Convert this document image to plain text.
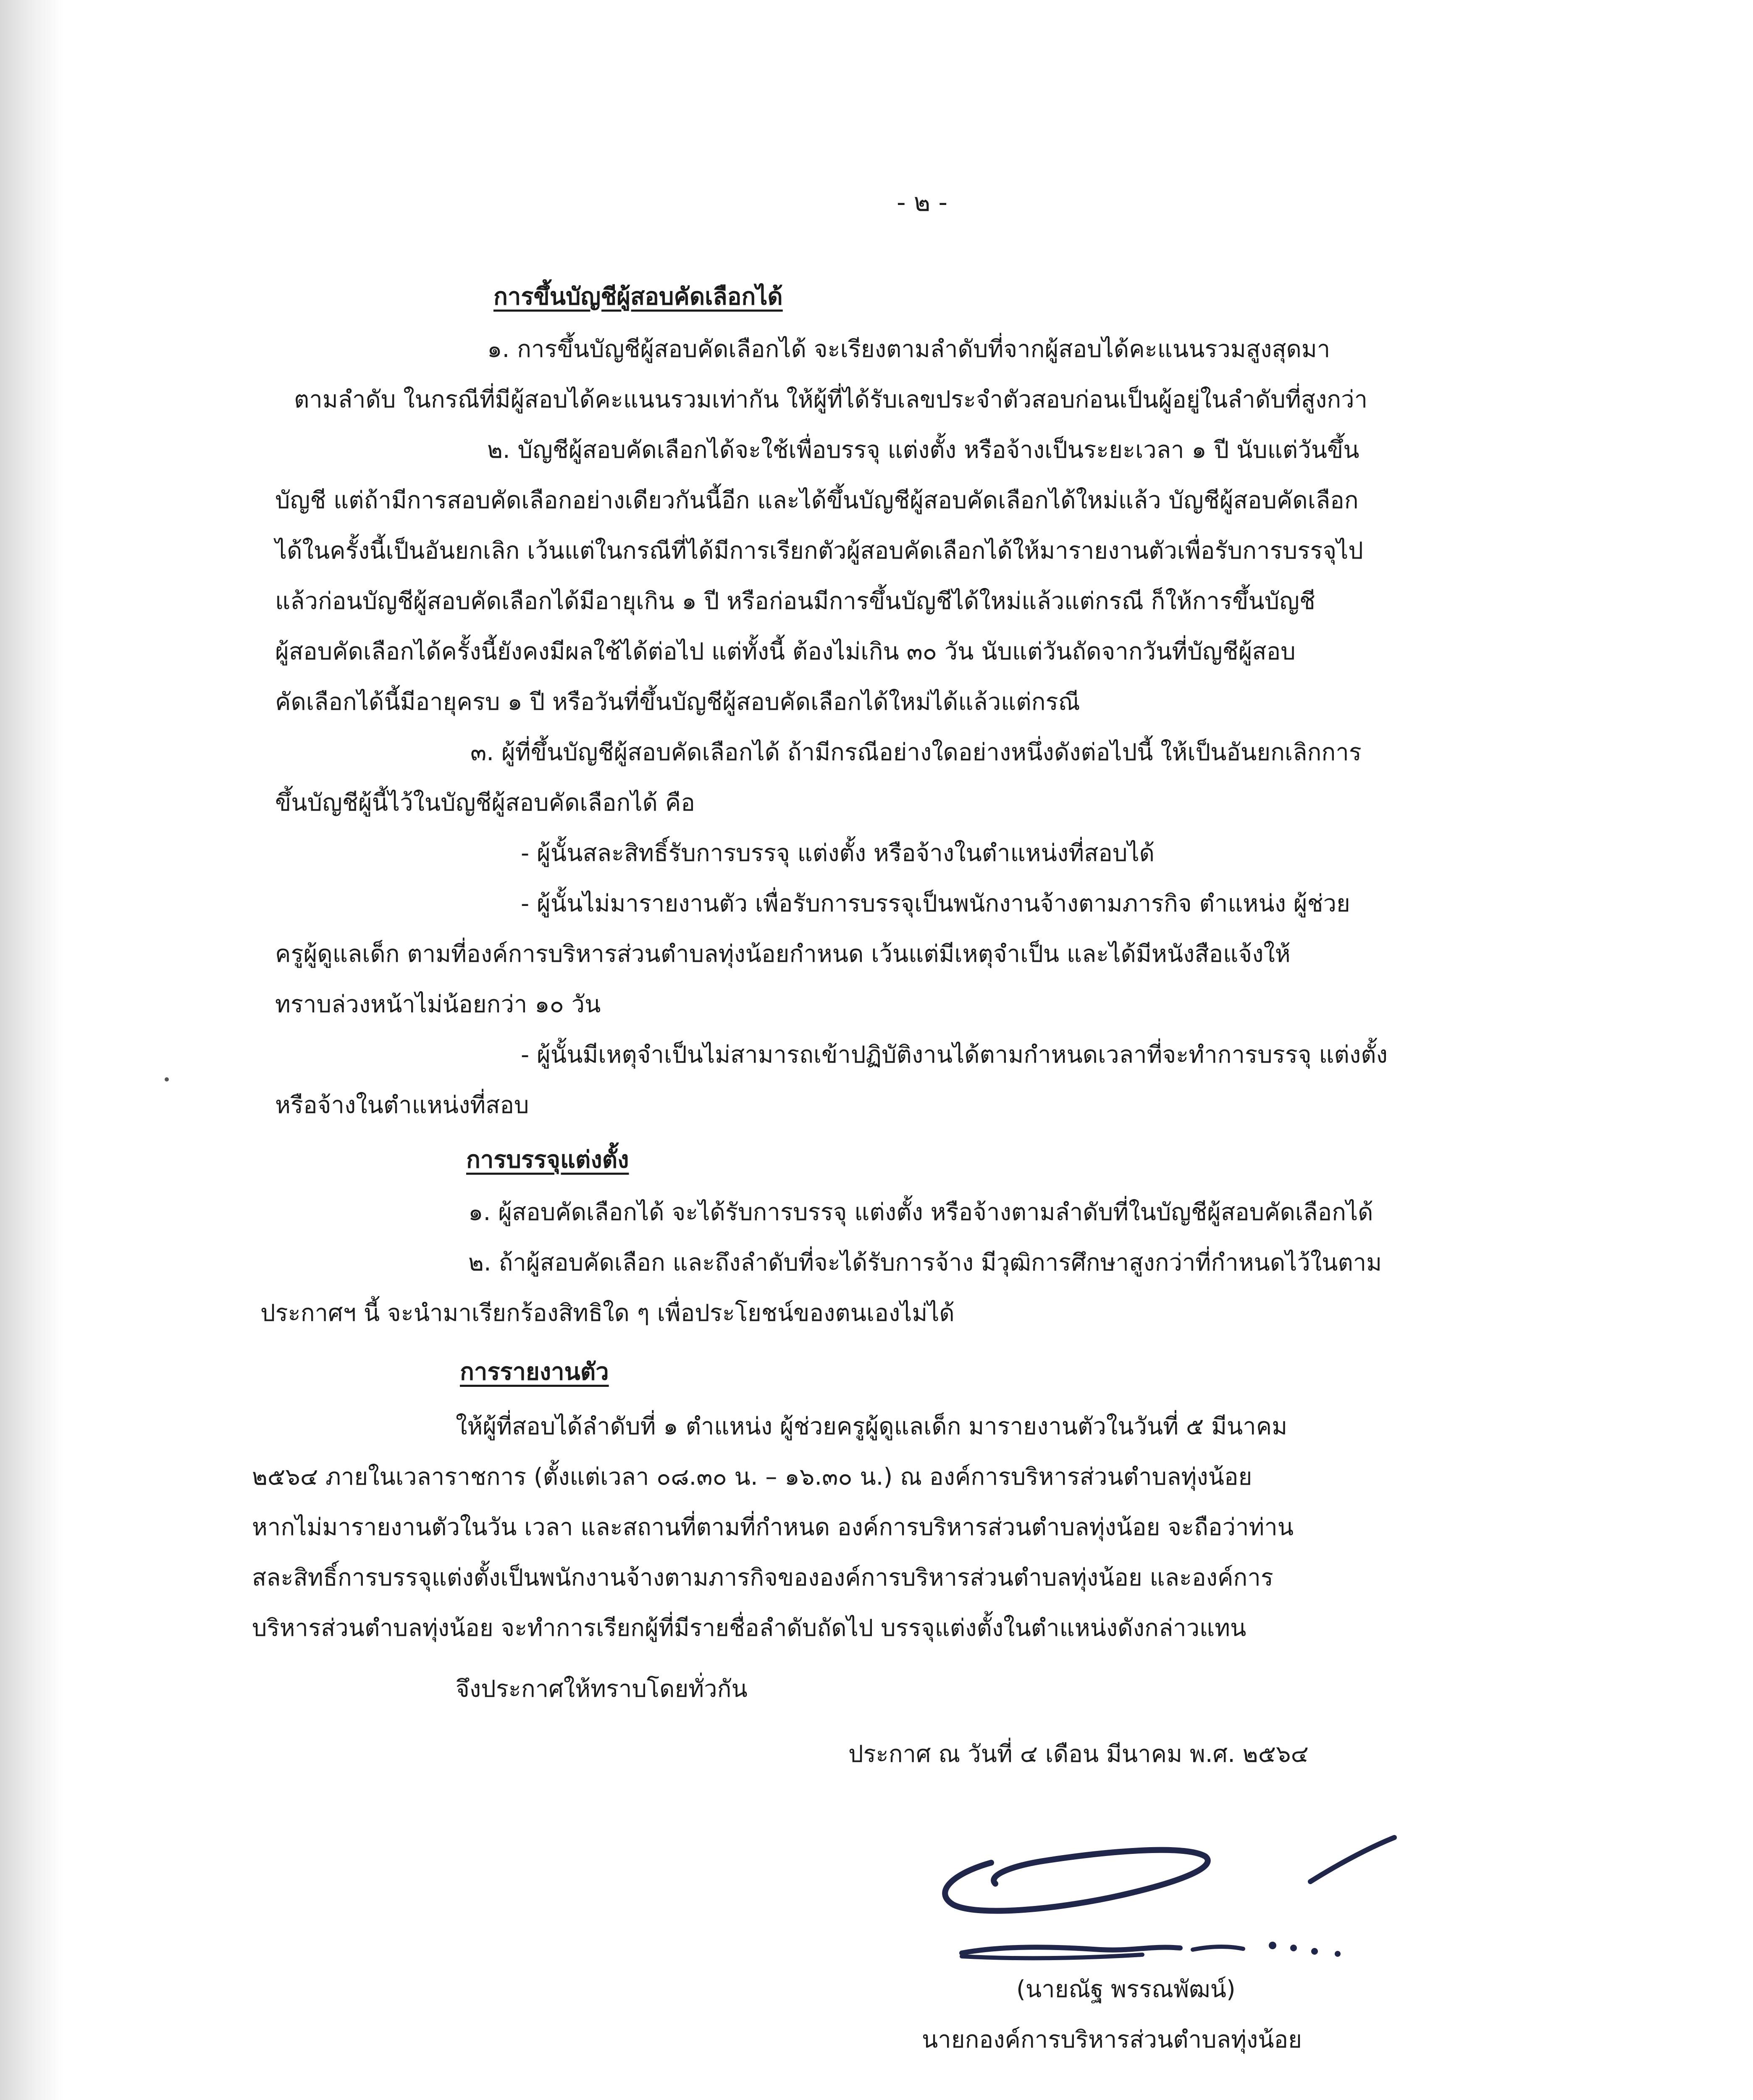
- ๒ -
การขึ้นบัญชีผู้สอบคัดเลือกได้
๑. การขึ้นบัญชีผู้สอบคัดเลือกได้ จะเรียงตามลำดับที่จากผู้สอบได้คะแนนรวมสูงสุดมา
ตามลำดับ ในกรณีที่มีผู้สอบได้คะแนนรวมเท่ากัน ให้ผู้ที่ได้รับเลขประจำตัวสอบก่อนเป็นผู้อยู่ในลำดับที่สูงกว่า
๒. บัญชีผู้สอบคัดเลือกได้จะใช้เพื่อบรรจุ แต่งตั้ง หรือจ้างเป็นระยะเวลา ๑ ปี นับแต่วันขึ้น
บัญชี แต่ถ้ามีการสอบคัดเลือกอย่างเดียวกันนี้อีก และได้ขึ้นบัญชีผู้สอบคัดเลือกได้ใหม่แล้ว บัญชีผู้สอบคัดเลือก
ได้ในครั้งนี้เป็นอันยกเลิก เว้นแต่ในกรณีที่ได้มีการเรียกตัวผู้สอบคัดเลือกได้ให้มารายงานตัวเพื่อรับการบรรจุไป
แล้วก่อนบัญชีผู้สอบคัดเลือกได้มีอายุเกิน ๑ ปี หรือก่อนมีการขึ้นบัญชีได้ใหม่แล้วแต่กรณี ก็ให้การขึ้นบัญชี
ผู้สอบคัดเลือกได้ครั้งนี้ยังคงมีผลใช้ได้ต่อไป แต่ทั้งนี้ ต้องไม่เกิน ๓๐ วัน นับแต่วันถัดจากวันที่บัญชีผู้สอบ
คัดเลือกได้นี้มีอายุครบ ๑ ปี หรือวันที่ขึ้นบัญชีผู้สอบคัดเลือกได้ใหม่ได้แล้วแต่กรณี
๓. ผู้ที่ขึ้นบัญชีผู้สอบคัดเลือกได้ ถ้ามีกรณีอย่างใดอย่างหนึ่งดังต่อไปนี้ ให้เป็นอันยกเลิกการ
ขึ้นบัญชีผู้นี้ไว้ในบัญชีผู้สอบคัดเลือกได้ คือ
- ผู้นั้นสละสิทธิ์รับการบรรจุ แต่งตั้ง หรือจ้างในตำแหน่งที่สอบได้
- ผู้นั้นไม่มารายงานตัว เพื่อรับการบรรจุเป็นพนักงานจ้างตามภารกิจ ตำแหน่ง ผู้ช่วย
ครูผู้ดูแลเด็ก ตามที่องค์การบริหารส่วนตำบลทุ่งน้อยกำหนด เว้นแต่มีเหตุจำเป็น และได้มีหนังสือแจ้งให้
ทราบล่วงหน้าไม่น้อยกว่า ๑๐ วัน
- ผู้นั้นมีเหตุจำเป็นไม่สามารถเข้าปฏิบัติงานได้ตามกำหนดเวลาที่จะทำการบรรจุ แต่งตั้ง
หรือจ้างในตำแหน่งที่สอบ
การบรรจุแต่งตั้ง
๑. ผู้สอบคัดเลือกได้ จะได้รับการบรรจุ แต่งตั้ง หรือจ้างตามลำดับที่ในบัญชีผู้สอบคัดเลือกได้
๒. ถ้าผู้สอบคัดเลือก และถึงลำดับที่จะได้รับการจ้าง มีวุฒิการศึกษาสูงกว่าที่กำหนดไว้ในตาม
ประกาศฯ นี้ จะนำมาเรียกร้องสิทธิใด ๆ เพื่อประโยชน์ของตนเองไม่ได้
การรายงานตัว
ให้ผู้ที่สอบได้ลำดับที่ ๑ ตำแหน่ง ผู้ช่วยครูผู้ดูแลเด็ก มารายงานตัวในวันที่ ๕ มีนาคม
๒๕๖๔ ภายในเวลาราชการ (ตั้งแต่เวลา ๐๘.๓๐ น. – ๑๖.๓๐ น.) ณ องค์การบริหารส่วนตำบลทุ่งน้อย
หากไม่มารายงานตัวในวัน เวลา และสถานที่ตามที่กำหนด องค์การบริหารส่วนตำบลทุ่งน้อย จะถือว่าท่าน
สละสิทธิ์การบรรจุแต่งตั้งเป็นพนักงานจ้างตามภารกิจขององค์การบริหารส่วนตำบลทุ่งน้อย และองค์การ
บริหารส่วนตำบลทุ่งน้อย จะทำการเรียกผู้ที่มีรายชื่อลำดับถัดไป บรรจุแต่งตั้งในตำแหน่งดังกล่าวแทน
จึงประกาศให้ทราบโดยทั่วกัน
ประกาศ ณ วันที่ ๔ เดือน มีนาคม พ.ศ. ๒๕๖๔
(นายณัฐ พรรณพัฒน์)
นายกองค์การบริหารส่วนตำบลทุ่งน้อย
